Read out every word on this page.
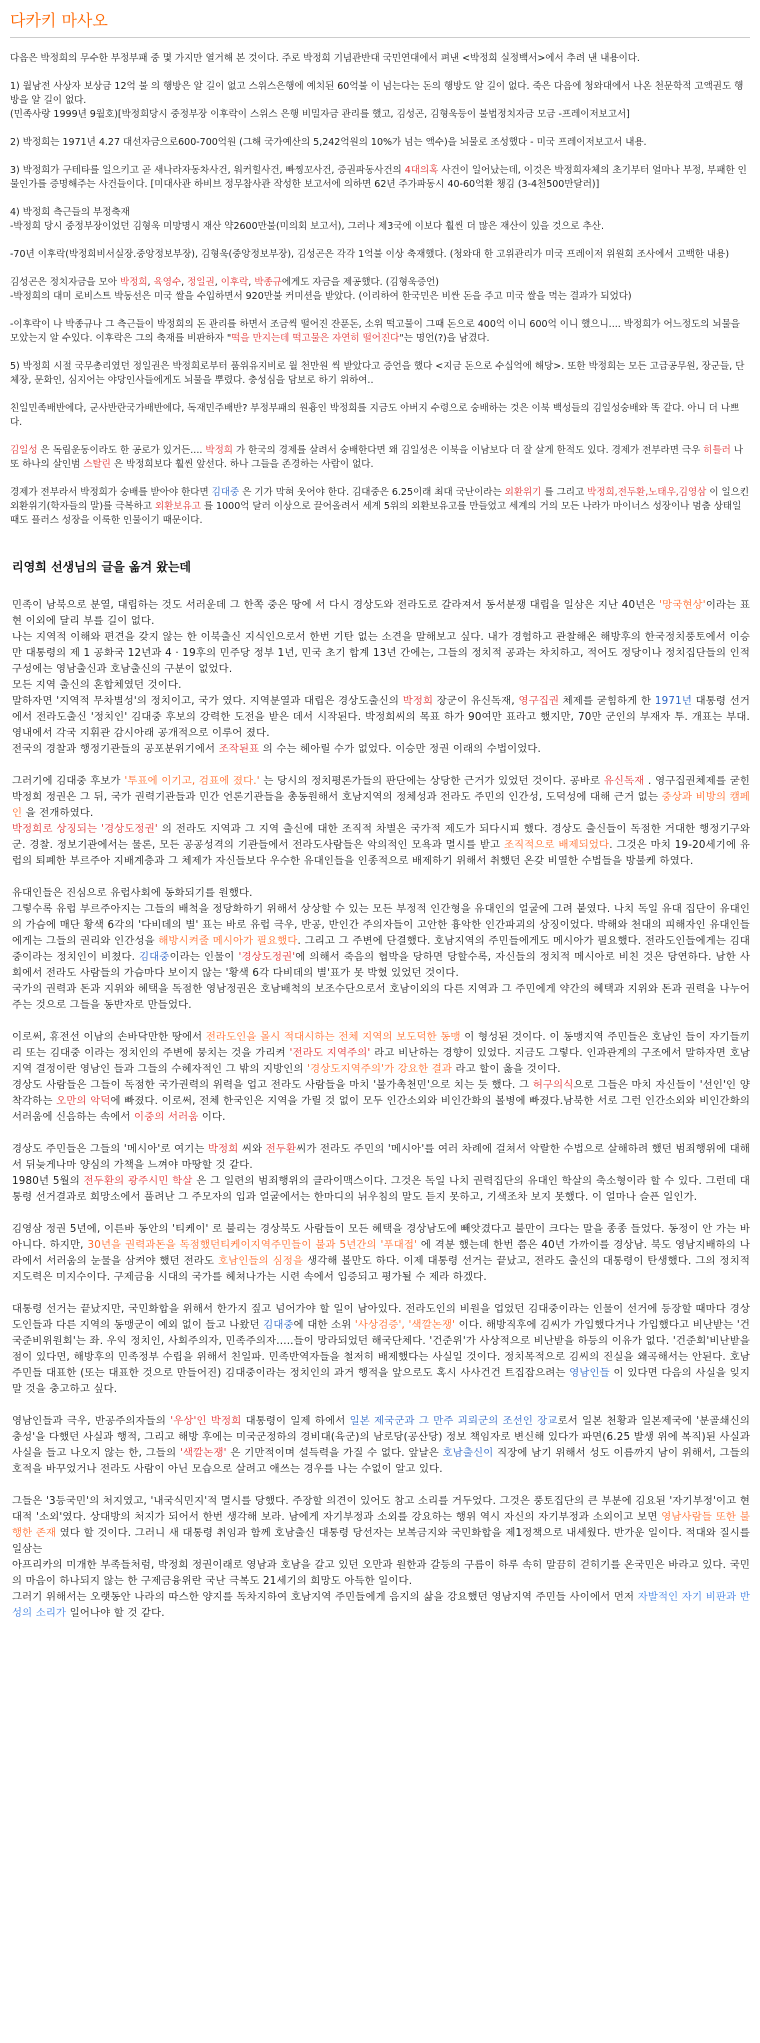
다카키 마사오

다음은 박정희의 무수한 부정부패 중 몇 가지만 열거해 본 것이다. 주로 박정희 기념관반대 국민연대에서 펴낸 <박정희 실정백서>에서 추려 낸 내용이다.

1) 월남전 사상자 보상금 12억 불 의 행방은 알 길이 없고 스위스은행에 예치된 60억불 이 넘는다는 돈의 행방도 알 길이 없다. 죽은 다음에 청와대에서 나온 천문학적 고액권도 행방을 알 길이 없다.
(민족사랑 1999년 9월호)[박정희당시 중정부장 이후락이 스위스 은행 비밀자금 관리를 했고, 김성곤, 김형욱등이 불법정치자금 모금 -프레이저보고서]

2) 박정희는 1971년 4.27 대선자금으로600-700억원 (그해 국가예산의 5,242억원의 10%가 넘는 액수)을 뇌물로 조성했다 - 미국 프레이저보고서 내용.

3) 박정희가 구테타를 일으키고 곧 새나라자동차사건, 워커힐사건, 빠찡꼬사건, 증권파동사건의 4대의혹 사건이 일어났는데, 이것은 박정희자체의 초기부터 얼마나 부정, 부패한 인물인가를 증명해주는 사건들이다. [미대사관 하비브 정무참사관 작성한 보고서에 의하면 62년 주가파동시 40-60억환 챙김 (3-4천500만달러)]

4) 박정희 측근들의 부정축재
-박정희 당시 중정부장이었던 김형욱 미망명시 재산 약2600만불(미의회 보고서), 그러나 제3국에 이보다 훨씬 더 많은 재산이 있을 것으로 추산.

-70년 이후락(박정희비서실장.중앙정보부장), 김형욱(중앙정보부장), 김성곤은 각각 1억불 이상 축재했다. (청와대 한 고위관리가 미국 프레이저 위원회 조사에서 고백한 내용)

김성곤은 정치자금을 모아 박정희, 육영수, 정일권, 이후락, 박종규에게도 자금을 제공했다. (김형욱증언)
-박정희의 대미 로비스트 박동선은 미국 쌀을 수입하면서 920만불 커미션을 받았다. (이리하여 한국민은 비싼 돈을 주고 미국 쌀을 먹는 결과가 되었다)

-이후락이 나 박종규나 그 측근들이 박정희의 돈 관리를 하면서 조금씩 떨어진 잔푼돈, 소위 떡고물이 그때 돈으로 400억 이니 600억 이니 했으니.... 박정희가 어느정도의 뇌물을 모았는지 알 수있다. 이후락은 그의 축재를 비판하자 "떡을 만지는데 떡고물은 자연히 떨어진다"는 명언(?)을 남겼다.

5) 박정희 시절 국무총리였던 정일권은 박정희로부터 품위유지비로 월 천만원 씩 받았다고 증언을 했다 <지금 돈으로 수십억에 해당>. 또한 박정희는 모든 고급공무원, 장군들, 단체장, 문화인, 심지어는 야당인사들에게도 뇌물을 뿌렸다. 충성심을 담보로 하기 위하여..

친일민족배반에다, 군사반란국가배반에다, 독재민주배반? 부정부패의 원흉인 박정희를 지금도 아버지 수령으로 숭배하는 것은 이북 백성들의 김일성숭배와 똑 같다. 아니 더 나쁘다.

김일성 은 독립운동이라도 한 공로가 있거든.... 박정희 가 한국의 경제를 살려서 숭배한다면 왜 김일성은 이북을 이남보다 더 잘 살게 한적도 있다. 경제가 전부라면 극우 히틀러 나 또 하나의 살인범 스탈린 은 박정희보다 훨씬 앞선다. 하나 그들을 존경하는 사람이 없다.

경제가 전부라서 박정희가 숭배를 받아야 한다면 김대중 은 기가 막혀 웃어야 한다. 김대중은 6.25이래 최대 국난이라는 외환위기 를 그리고 박정희,전두환,노태우,김영삼 이 일으킨 외환위기(학자들의 말)를 극복하고 외환보유고 를 1000억 달러 이상으로 끌어올려서 세계 5위의 외환보유고를 만들었고 세계의 거의 모든 나라가 마이너스 성장이나 멈춤 상태일 때도 플러스 성장을 이룩한 인물이기 때문이다.

리영희 선생님의 글을 옮겨 왔는데

민족이 남북으로 분열, 대립하는 것도 서러운데 그 한쪽 중은 땅에 서 다시 경상도와 전라도로 갈라져서 동서분쟁 대립을 일삼은 지난 40년은 '망국현상'이라는 표현 이외에 달리 부를 길이 없다.
나는 지역적 이해와 편견을 갖지 않는 한 이북출신 지식인으로서 한번 기탄 없는 소견을 말해보고 싶다. 내가 경험하고 관찰해온 해방후의 한국정치풍토에서 이승만 대통령의 제 1 공화국 12년과 4 · 19후의 민주당 정부 1년, 민국 초기 합계 13년 간에는, 그들의 정치적 공과는 차치하고, 적어도 정당이나 정치집단들의 인적구성에는 영남출신과 호남출신의 구분이 없었다.
모든 지역 출신의 혼합체였던 것이다.
말하자면 '지역적 무차별성'의 정치이고, 국가 였다. 지역분열과 대립은 경상도출신의 박정희 장군이 유신독재, 영구집권 체제를 굳힘하게 한 1971년 대통령 선거에서 전라도출신 '정치인' 김대중 후보의 강력한 도전을 받은 데서 시작된다. 박정희씨의 목표 하가 90여만 표라고 했지만, 70만 군인의 부재자 투. 개표는 부대. 영내에서 각국 지휘관 감시아래 공개적으로 이루어 졌다.
전국의 경찰과 행정기관들의 공포분위기에서 조작된표 의 수는 헤아릴 수가 없었다. 이승만 정권 이래의 수법이었다.

그러기에 김대중 후보가 '투표에 이기고, 검표에 졌다.' 는 당시의 정치평론가들의 판단에는 상당한 근거가 있었던 것이다. 공바로 유신독재 . 영구집권체제를 굳힌 박정희 정권은 그 뒤, 국가 권력기관들과 민간 언론기관들을 총동원해서 호남지역의 정체성과 전라도 주민의 인간성, 도덕성에 대해 근거 없는 중상과 비방의 캠페인 을 전개하였다.
박정희로 상징되는 '경상도정권' 의 전라도 지역과 그 지역 출신에 대한 조직적 차별은 국가적 제도가 되다시피 했다. 경상도 출신들이 독점한 거대한 행정기구와 군. 경찰. 정보기관에서는 물론, 모든 공공성격의 기관들에서 전라도사람들은 악의적인 모욕과 멸시를 받고 조직적으로 배제되었다. 그것은 마치 19-20세기에 유럽의 퇴폐한 부르주아 지배계층과 그 체제가 자신들보다 우수한 유대인들을 인종적으로 배제하기 위해서 취했던 온갖 비열한 수법들을 방불케 하였다.

유대인들은 진심으로 유럽사회에 동화되기를 원했다.
그렇수록 유럽 부르주아지는 그들의 배척을 정당화하기 위해서 상상할 수 있는 모든 부정적 인간형을 유대인의 얼굴에 그려 붙였다. 나치 독일 유대 집단이 유대인의 가슴에 매단 황색 6각의 '다비데의 별' 표는 바로 유럽 극우, 반공, 반인간 주의자들이 고안한 흉악한 인간파괴의 상징이었다. 박해와 천대의 피해자인 유대인들에게는 그들의 권리와 인간성을 해방시켜줄 메시아가 필요했다. 그리고 그 주변에 단결했다. 호남지역의 주민들에게도 메시아가 필요했다. 전라도인들에게는 김대중이라는 정치인이 비쳤다. 김대중이라는 인물이 '경상도정권'에 의해서 죽음의 협박을 당하면 당할수록, 자신들의 정치적 메시아로 비친 것은 당연하다. 남한 사회에서 전라도 사람들의 가슴마다 보이지 않는 '황색 6각 다비데의 별'표가 못 박혔 있었던 것이다.
국가의 권력과 돈과 지위와 혜택을 독점한 영남정권은 호남배척의 보조수단으로서 호남이외의 다른 지역과 그 주민에게 약간의 혜택과 지위와 돈과 권력을 나누어주는 것으로 그들을 동반자로 만들었다.

이로써, 휴전선 이남의 손바닥만한 땅에서 전라도인을 몰시 적대시하는 전체 지역의 보도덕한 동맹 이 형성된 것이다. 이 동맹지역 주민들은 호남인 들이 자기들끼리 또는 김대중 이라는 정치인의 주변에 뭉치는 것을 가리켜 '전라도 지역주의' 라고 비난하는 경향이 있었다. 지금도 그렇다. 인과관계의 구조에서 말하자면 호남지역 결정이란 영남인 들과 그들의 수혜자적인 그 밖의 지방인의 '경상도지역주의'가 강요한 결과 라고 할이 옳을 것이다.
경상도 사람들은 그들이 독점한 국가권력의 위력을 업고 전라도 사람들을 마치 '불가촉천민'으로 치는 듯 했다. 그 허구의식으로 그들은 마치 자신들이 '선인'인 양 착각하는 오만의 악덕에 빠졌다. 이로써, 전체 한국인은 지역을 가릴 것 없이 모두 인간소외와 비인간화의 볼병에 빠졌다.남북한 서로 그런 인간소외와 비인간화의 서러움에 신음하는 속에서 이중의 서러움 이다.

경상도 주민들은 그들의 '메시아'로 여기는 박정희 씨와 전두환씨가 전라도 주민의 '메시아'를 여러 차례에 걸쳐서 악랄한 수법으로 살해하려 했던 범죄행위에 대해서 뒤늦게나마 양심의 가책을 느껴야 마땅할 것 같다.
1980년 5월의 전두환의 광주시민 학살 은 그 일련의 범죄행위의 클라이맥스이다. 그것은 독일 나치 권력집단의 유대인 학살의 축소형이라 할 수 있다. 그런데 대통령 선거결과로 희망소에서 풀려난 그 주모자의 입과 얼굴에서는 한마디의 뉘우침의 말도 듣지 못하고, 기색조차 보지 못했다. 이 얼마나 슬픈 일인가.

김영삼 정권 5년에, 이른바 동안의 '티케이' 로 불리는 경상북도 사람들이 모든 혜택을 경상남도에 빼앗겼다고 불만이 크다는 말을 종종 들었다. 동정이 안 가는 바 아니다. 하지만, 30년을 권력과돈을 독점했던티케이지역주민들이 불과 5년간의 '푸대접' 에 격분 했는데 한번 쯤은 40년 가까이를 경상남. 북도 영남지배하의 나라에서 서러움의 눈물을 삼켜야 했던 전라도 호남인들의 심정을 생각해 볼만도 하다. 이제 대통령 선거는 끝났고, 전라도 출신의 대통령이 탄생했다. 그의 정치적 지도력은 미지수이다. 구제금융 시대의 국가를 헤쳐나가는 시련 속에서 입증되고 평가될 수 제라 하겠다.

대통령 선거는 끝났지만, 국민화합을 위해서 한가지 짚고 넘어가야 할 일이 남아있다. 전라도인의 비원을 업었던 김대중이라는 인물이 선거에 등장할 때마다 경상도인들과 다른 지역의 동맹군이 예외 없이 들고 나왔던 김대중에 대한 소위 '사상검증', '색깔논쟁' 이다. 해방직후에 김씨가 가입했다거나 가입했다고 비난받는 '건국준비위원회'는 좌. 우익 정치인, 사회주의자, 민족주의자.....들이 망라되었던 해국단체다. '건준위'가 사상적으로 비난받을 하등의 이유가 없다. '건준회'비난받을 점이 있다면, 해방후의 민족정부 수립을 위해서 친일파. 민족반역자들을 철저히 배제했다는 사실일 것이다. 정치목적으로 김씨의 진실을 왜곡해서는 안된다. 호남주민들 대표한 (또는 대표한 것으로 만들어진) 김대중이라는 정치인의 과거 행적을 앞으로도 혹시 사사건건 트집잡으려는 영남인들 이 있다면 다음의 사실을 잊지 말 것을 충고하고 싶다.

영남인들과 극우, 반공주의자들의 '우상'인 박정희 대통령이 일제 하에서 일본 제국군과 그 만주 괴뢰군의 조선인 장교로서 일본 천황과 일본제국에 '분골쇄신의 충성'을 다했던 사실과 행적, 그리고 해방 후에는 미국군정하의 경비대(육군)의 남로당(공산당) 정보 책임자로 변신해 있다가 파면(6.25 발생 위에 복직)된 사실과 사실을 들고 나오지 않는 한, 그들의 '색깔논쟁' 은 기만적이며 설득력을 가질 수 없다. 앞날은 호남출신이 직장에 남기 위해서 성도 이름까지 남이 위해서, 그들의 호적을 바꾸었거나 전라도 사람이 아닌 모습으로 살려고 애쓰는 경우를 나는 수없이 알고 있다.

그들은 '3등국민'의 처지였고, '내국식민지'적 멸시를 당했다. 주장할 의견이 있어도 참고 소리를 거두었다. 그것은 풍토집단의 큰 부분에 김요된 '자기부정'이고 현대적 '소외'였다. 상대방의 처지가 되어서 한번 생각해 보라. 남에게 자기부정과 소외를 강요하는 행위 역시 자신의 자기부정과 소외이고 보면 영남사람들 또한 불행한 존재 였다 할 것이다. 그러니 새 대통령 취임과 함께 호남출신 대통령 당선자는 보복금지와 국민화합을 제1정책으로 내세웠다. 반가운 일이다. 적대와 질시를 일삼는
아프리카의 미개한 부족들처럼, 박정희 정권이래로 영남과 호남을 갈고 있던 오만과 원한과 갈등의 구름이 하루 속히 말끔히 걷히기를 온국민은 바라고 있다. 국민의 마음이 하나되지 않는 한 구제금융위란 국난 극복도 21세기의 희망도 아득한 일이다.
그러기 위해서는 오랫동안 나라의 따스한 양지를 독차지하여 호남지역 주민들에게 음지의 삶을 강요했던 영남지역 주민들 사이에서 먼저 자발적인 자기 비판과 반성의 소리가 일어나야 할 것 같다.
